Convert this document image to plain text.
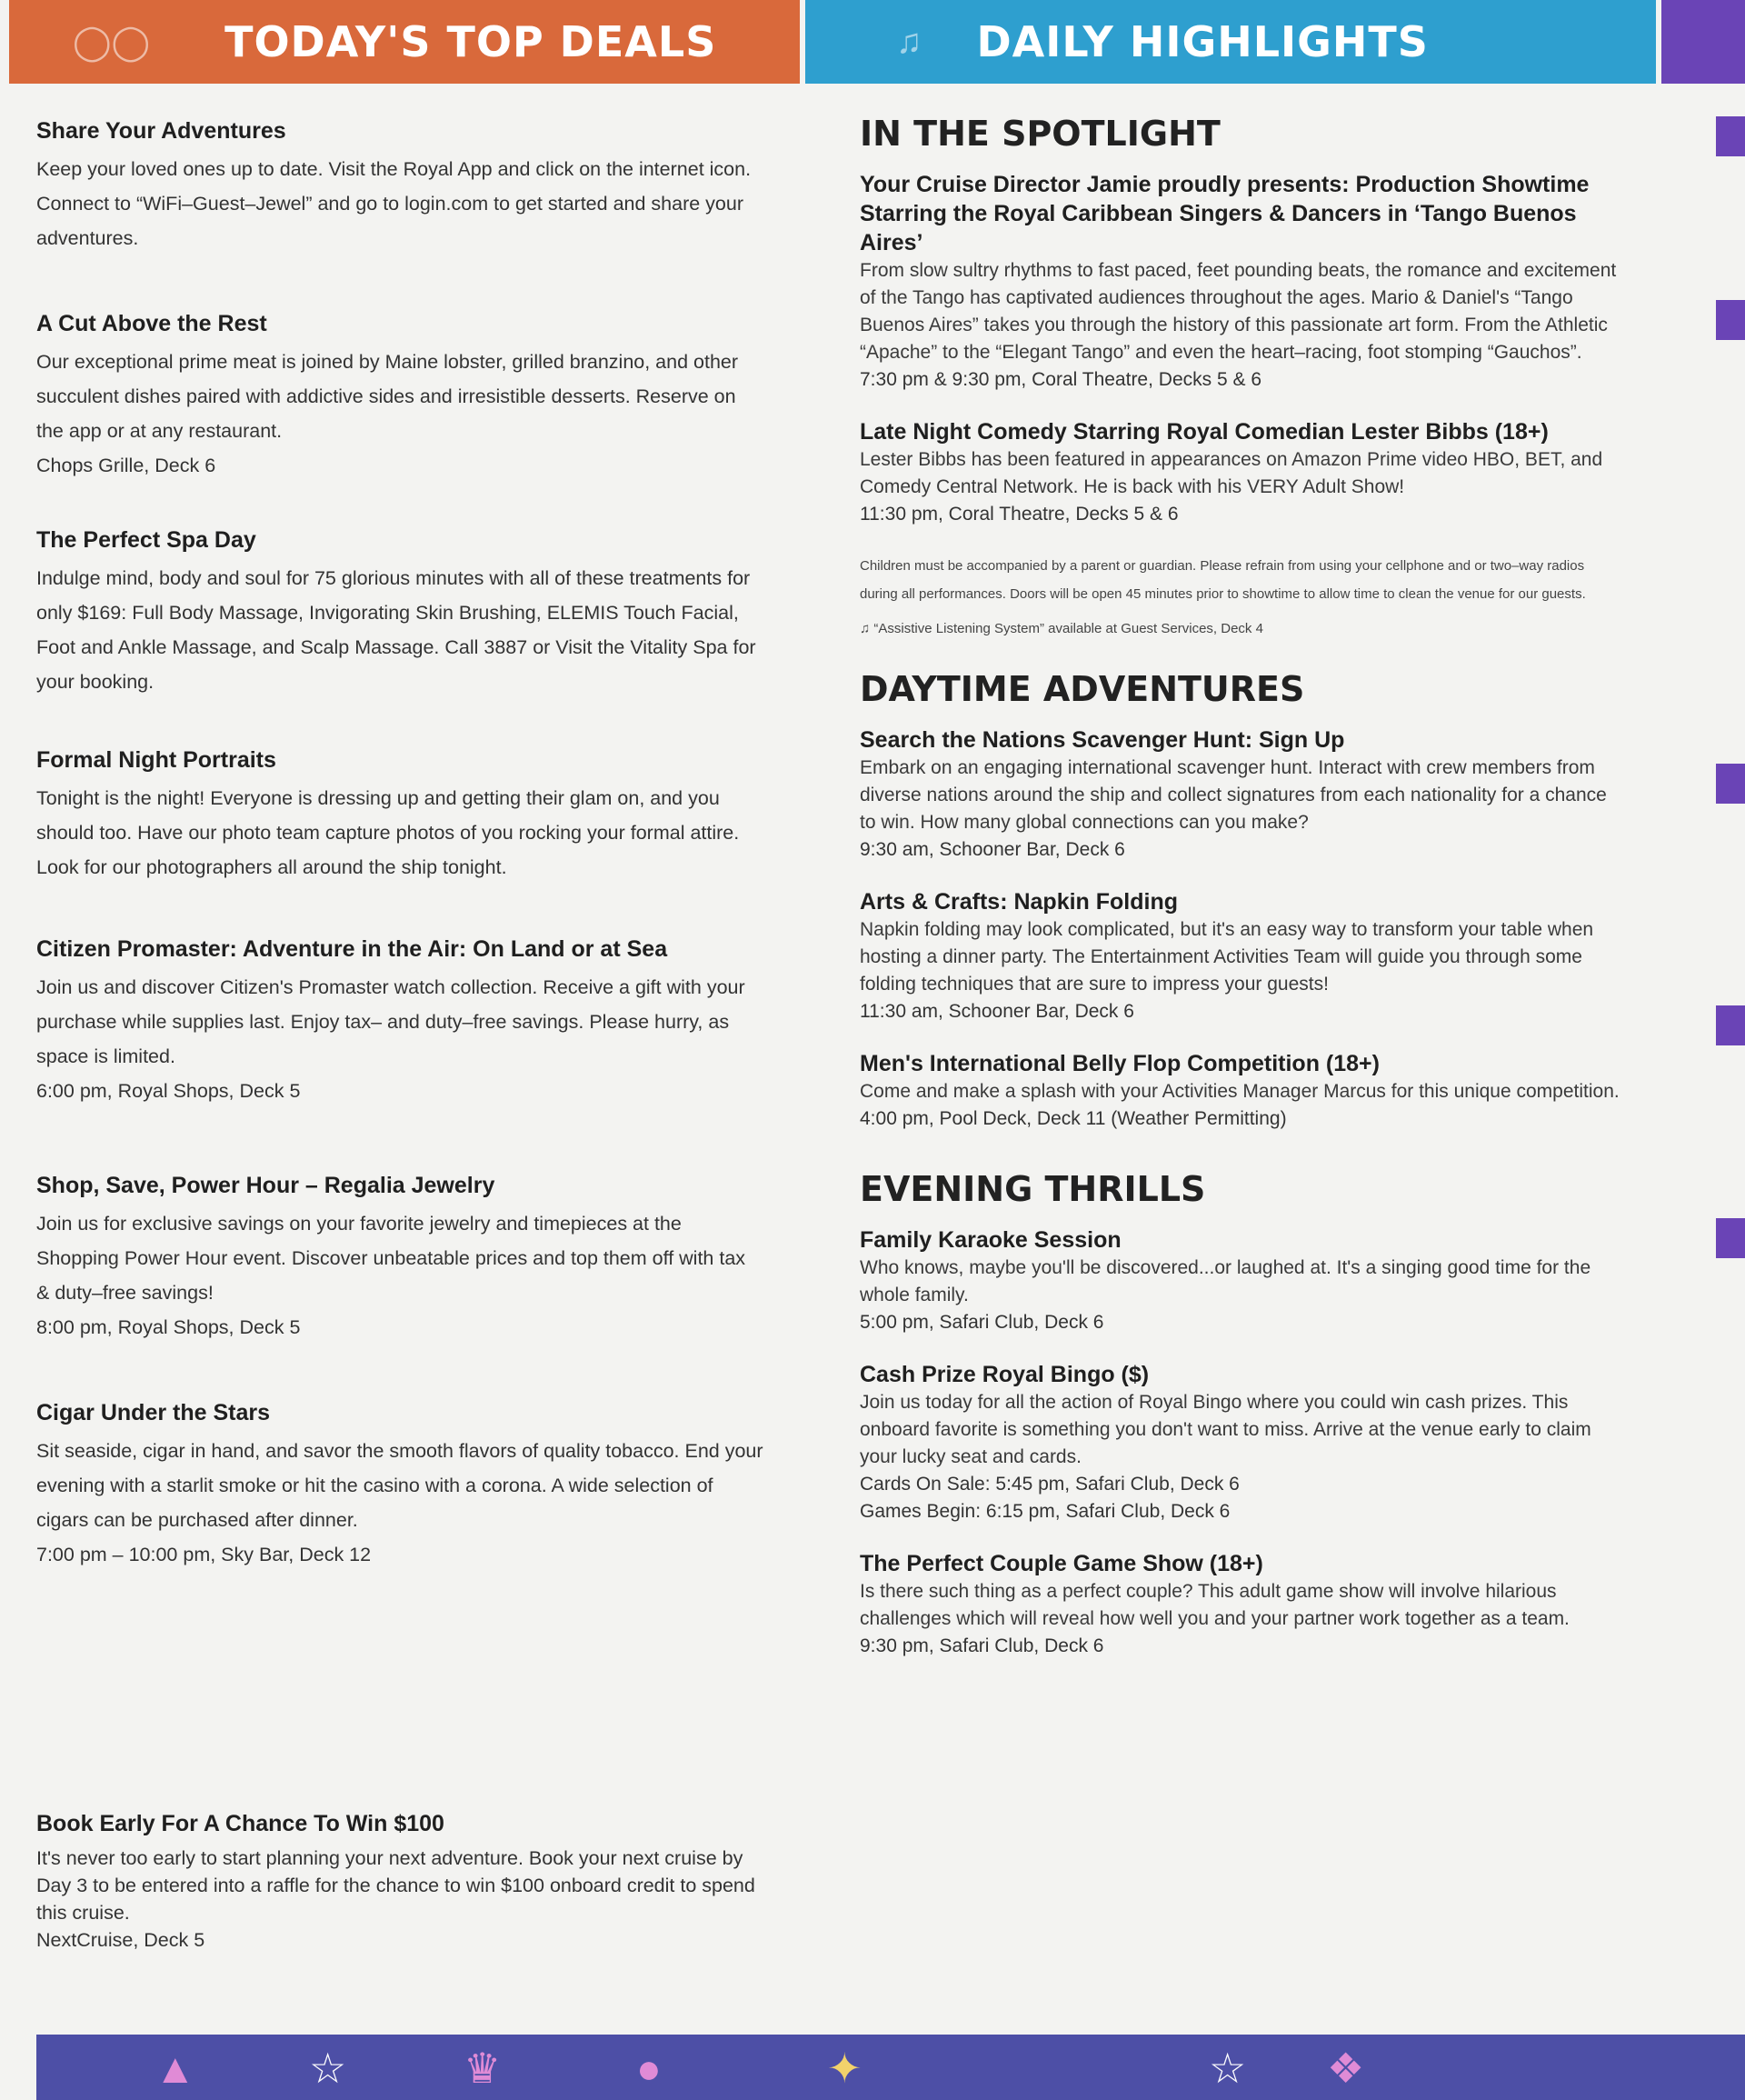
◯◯ TODAY'S TOP DEALS	♫ DAILY HIGHLIGHTS
Share Your Adventures

Keep your loved ones up to date. Visit the Royal App and click on the internet icon. Connect to “WiFi–Guest–Jewel” and go to login.com to get started and share your adventures.

A Cut Above the Rest

Our exceptional prime meat is joined by Maine lobster, grilled branzino, and other succulent dishes paired with addictive sides and irresistible desserts. Reserve on the app or at any restaurant.

Chops Grille, Deck 6
The Perfect Spa Day

Indulge mind, body and soul for 75 glorious minutes with all of these treatments for only $169: Full Body Massage, Invigorating Skin Brushing, ELEMIS Touch Facial, Foot and Ankle Massage, and Scalp Massage. Call 3887 or Visit the Vitality Spa for your booking.

Formal Night Portraits

Tonight is the night! Everyone is dressing up and getting their glam on, and you should too. Have our photo team capture photos of you rocking your formal attire. Look for our photographers all around the ship tonight.

Citizen Promaster: Adventure in the Air: On Land or at Sea

Join us and discover Citizen's Promaster watch collection. Receive a gift with your purchase while supplies last. Enjoy tax– and duty–free savings. Please hurry, as space is limited.

6:00 pm, Royal Shops, Deck 5
Shop, Save, Power Hour – Regalia Jewelry

Join us for exclusive savings on your favorite jewelry and timepieces at the Shopping Power Hour event. Discover unbeatable prices and top them off with tax & duty–free savings!

8:00 pm, Royal Shops, Deck 5
Cigar Under the Stars

Sit seaside, cigar in hand, and savor the smooth flavors of quality tobacco. End your evening with a starlit smoke or hit the casino with a corona. A wide selection of cigars can be purchased after dinner.

7:00 pm – 10:00 pm, Sky Bar, Deck 12
Book Early For A Chance To Win $100

It's never too early to start planning your next adventure. Book your next cruise by Day 3 to be entered into a raffle for the chance to win $100 onboard credit to spend this cruise.

NextCruise, Deck 5
IN THE SPOTLIGHT
Your Cruise Director Jamie proudly presents: Production Showtime Starring the Royal Caribbean Singers & Dancers in ‘Tango Buenos Aires’

From slow sultry rhythms to fast paced, feet pounding beats, the romance and excitement of the Tango has captivated audiences throughout the ages. Mario & Daniel's “Tango Buenos Aires” takes you through the history of this passionate art form. From the Athletic “Apache” to the “Elegant Tango” and even the heart–racing, foot stomping “Gauchos”.

7:30 pm & 9:30 pm, Coral Theatre, Decks 5 & 6
Late Night Comedy Starring Royal Comedian Lester Bibbs (18+)

Lester Bibbs has been featured in appearances on Amazon Prime video HBO, BET, and Comedy Central Network. He is back with his VERY Adult Show!

11:30 pm, Coral Theatre, Decks 5 & 6
Children must be accompanied by a parent or guardian. Please refrain from using your cellphone and or two–way radios during all performances. Doors will be open 45 minutes prior to showtime to allow time to clean the venue for our guests.
♫ “Assistive Listening System” available at Guest Services, Deck 4
DAYTIME ADVENTURES
Search the Nations Scavenger Hunt: Sign Up

Embark on an engaging international scavenger hunt. Interact with crew members from diverse nations around the ship and collect signatures from each nationality for a chance to win. How many global connections can you make?

9:30 am, Schooner Bar, Deck 6
Arts & Crafts: Napkin Folding

Napkin folding may look complicated, but it's an easy way to transform your table when hosting a dinner party. The Entertainment Activities Team will guide you through some folding techniques that are sure to impress your guests!

11:30 am, Schooner Bar, Deck 6
Men's International Belly Flop Competition (18+)

Come and make a splash with your Activities Manager Marcus for this unique competition.

4:00 pm, Pool Deck, Deck 11 (Weather Permitting)
EVENING THRILLS
Family Karaoke Session

Who knows, maybe you'll be discovered...or laughed at. It's a singing good time for the whole family.

5:00 pm, Safari Club, Deck 6
Cash Prize Royal Bingo ($)

Join us today for all the action of Royal Bingo where you could win cash prizes. This onboard favorite is something you don't want to miss. Arrive at the venue early to claim your lucky seat and cards.

Cards On Sale: 5:45 pm, Safari Club, Deck 6
Games Begin: 6:15 pm, Safari Club, Deck 6
The Perfect Couple Game Show (18+)

Is there such thing as a perfect couple? This adult game show will involve hilarious challenges which will reveal how well you and your partner work together as a team.

9:30 pm, Safari Club, Deck 6
▲	☆	♛	●	✦	☆ ❖
